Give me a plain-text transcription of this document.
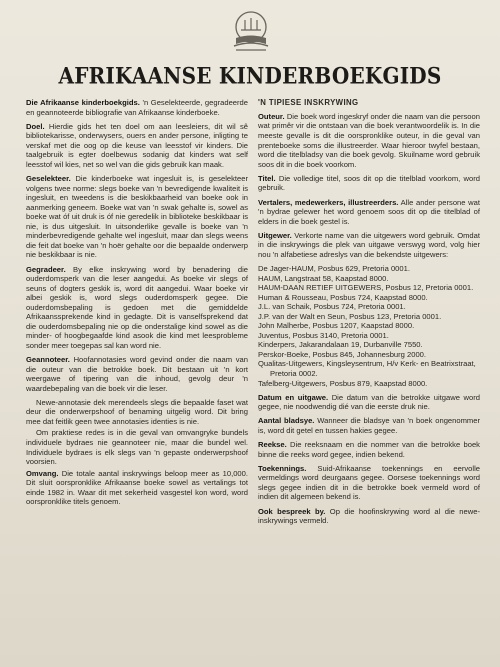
AFRIKAANSE KINDERBOEKGIDS

Die Afrikaanse kinderboekgids. 'n Geselekteerde, gegradeerde en geannoteerde bibliografie van Afrikaanse kinderboeke.

Doel. Hierdie gids het ten doel om aan leesleiers, dit wil sê bibliotekarisse, onderwysers, ouers en ander persone, inligting te verskaf met die oog op die keuse van leesstof vir kinders. Die taalgebruik is egter doelbewus sodanig dat kinders wat self leesstof wil kies, net so wel van die gids gebruik kan maak.

Geselekteer. Die kinderboeke wat ingesluit is, is geselekteer volgens twee norme: slegs boeke van 'n bevredigende kwaliteit is ingesluit, en tweedens is die beskikbaarheid van boeke ook in aanmerking geneem. Boeke wat van 'n swak gehalte is, sowel as boeke wat óf uit druk is óf nie geredelik in biblioteke beskikbaar is nie, is dus uitgesluit. In uitsonderlike gevalle is boeke van 'n minderbevredigende gehalte wel ingesluit, maar dan slegs weens die feit dat boeke van 'n hoër gehalte oor die bepaalde onderwerp nie beskikbaar is nie.

Gegradeer. By elke inskrywing word by benadering die ouderdomsperk van die leser aangedui. As boeke vir slegs of seuns of dogters geskik is, word dit aangedui. Waar boeke vir albei geskik is, word slegs ouderdomsperk gegee. Die ouderdomsbepaling is gedoen met die gemiddelde Afrikaanssprekende kind in gedagte. Dit is vanselfsprekend dat die ouderdomsbepaling nie op die onderstalige kind sowel as die minder- of hoogbegaafde kind asook die kind met leesprobleme sonder meer toegepas sal kan word nie.

Geannoteer. Hoofannotasies word gevind onder die naam van die outeur van die betrokke boek. Dit bestaan uit 'n kort weergawe of tipering van die inhoud, gevolg deur 'n waardebepaling van die boek vir die leser.

Newe-annotasie dek merendeels slegs die bepaalde faset wat deur die onderwerpshoof of benaming uitgelig word. Dit bring mee dat feitlik geen twee annotasies identies is nie.

Om praktiese redes is in die geval van omvangryke bundels individuele bydraes nie geannoteer nie, maar die bundel wel. Individuele bydraes is elk slegs van 'n gepaste onderwerpshoof voorsien.

Omvang. Die totale aantal inskrywings beloop meer as 10,000. Dit sluit oorspronklike Afrikaanse boeke sowel as vertalings tot einde 1982 in. Waar dit met sekerheid vasgestel kon word, word oorspronklike titels genoem.

'N TIPIESE INSKRYWING

Outeur. Die boek word ingeskryf onder die naam van die persoon wat primêr vir die ontstaan van die boek verantwoordelik is. In die meeste gevalle is dit die oorspronklike outeur, in die geval van prenteboeke soms die illustreerder. Waar hieroor twyfel bestaan, word die titelbladsy van die boek gevolg. Skuilname word gebruik soos dit in die boek voorkom.

Titel. Die volledige titel, soos dit op die titelblad voorkom, word gebruik.

Vertalers, medewerkers, illustreerders. Alle ander persone wat 'n bydrae gelewer het word genoem soos dit op die titelblad of elders in die boek gestel is.

Uitgewer. Verkorte name van die uitgewers word gebruik. Omdat in die inskrywings die plek van uitgawe verswyg word, volg hier nou 'n alfabetiese adreslys van die bekendste uitgewers:

De Jager-HAUM, Posbus 629, Pretoria 0001.
HAUM, Langstraat 58, Kaapstad 8000.
HAUM-DAAN RETIEF UITGEWERS, Posbus 12, Pretoria 0001.
Human & Rousseau, Posbus 724, Kaapstad 8000.
J.L. van Schaik, Posbus 724, Pretoria 0001.
J.P. van der Walt en Seun, Posbus 123, Pretoria 0001.
John Malherbe, Posbus 1207, Kaapstad 8000.
Juventus, Posbus 3140, Pretoria 0001.
Kinderpers, Jakarandalaan 19, Durbanville 7550.
Perskor-Boeke, Posbus 845, Johannesburg 2000.
Qualitas-Uitgewers, Kingsleysentrum, H/v Kerk- en Beatrixstraat, Pretoria 0002.
Tafelberg-Uitgewers, Posbus 879, Kaapstad 8000.

Datum en uitgawe. Die datum van die betrokke uitgawe word gegee, nie noodwendig dié van die eerste druk nie.

Aantal bladsye. Wanneer die bladsye van 'n boek ongenommer is, word dit getel en tussen hakies gegee.

Reekse. Die reeksnaam en die nommer van die betrokke boek binne die reeks word gegee, indien bekend.

Toekennings. Suid-Afrikaanse toekennings en eervolle vermeldings word deurgaans gegee. Oorsese toekennings word slegs gegee indien dit in die betrokke boek vermeld word of indien dit algemeen bekend is.

Ook bespreek by. Op die hoofinskrywing word al die newe-inskrywings vermeld.
